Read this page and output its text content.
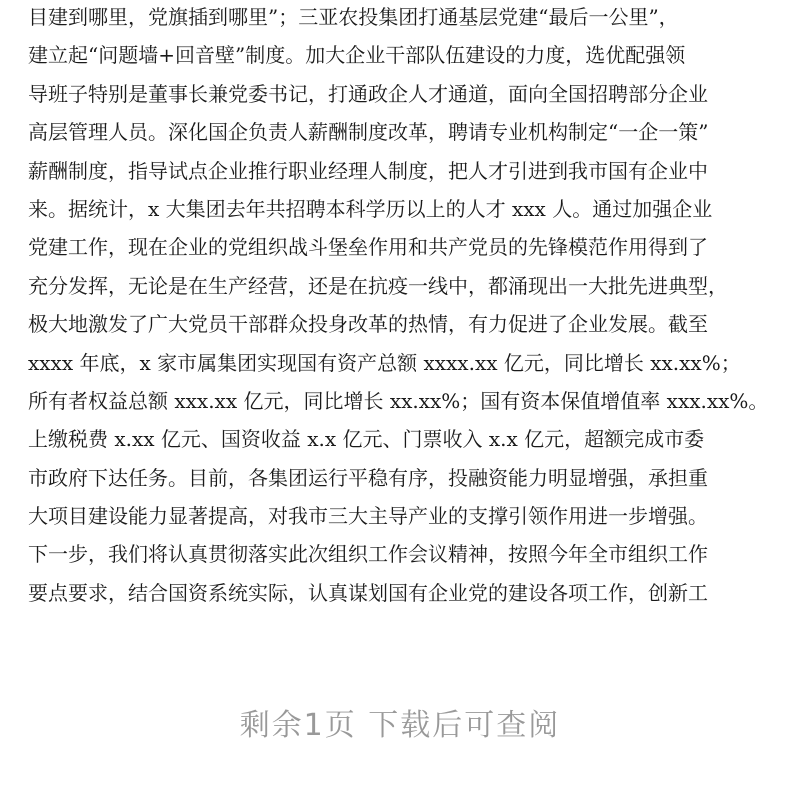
目建到哪里，党旗插到哪里”；三亚农投集团打通基层党建“最后一公里”，
建立起“问题墙+回音壁”制度。加大企业干部队伍建设的力度，选优配强领
导班子特别是董事长兼党委书记，打通政企人才通道，面向全国招聘部分企业
高层管理人员。深化国企负责人薪酬制度改革，聘请专业机构制定“一企一策”
薪酬制度，指导试点企业推行职业经理人制度，把人才引进到我市国有企业中
来。据统计，x 大集团去年共招聘本科学历以上的人才 xxx 人。通过加强企业
党建工作，现在企业的党组织战斗堡垒作用和共产党员的先锋模范作用得到了
充分发挥，无论是在生产经营，还是在抗疫一线中，都涌现出一大批先进典型，
极大地激发了广大党员干部群众投身改革的热情，有力促进了企业发展。截至
xxxx 年底，x 家市属集团实现国有资产总额 xxxx.xx 亿元，同比增长 xx.xx%；
所有者权益总额 xxx.xx 亿元，同比增长 xx.xx%；国有资本保值增值率 xxx.xx%。
上缴税费 x.xx 亿元、国资收益 x.x 亿元、门票收入 x.x 亿元，超额完成市委
市政府下达任务。目前，各集团运行平稳有序，投融资能力明显增强，承担重
大项目建设能力显著提高，对我市三大主导产业的支撑引领作用进一步增强。
下一步，我们将认真贯彻落实此次组织工作会议精神，按照今年全市组织工作
要点要求，结合国资系统实际，认真谋划国有企业党的建设各项工作，创新工
剩余1页 下载后可查阅
